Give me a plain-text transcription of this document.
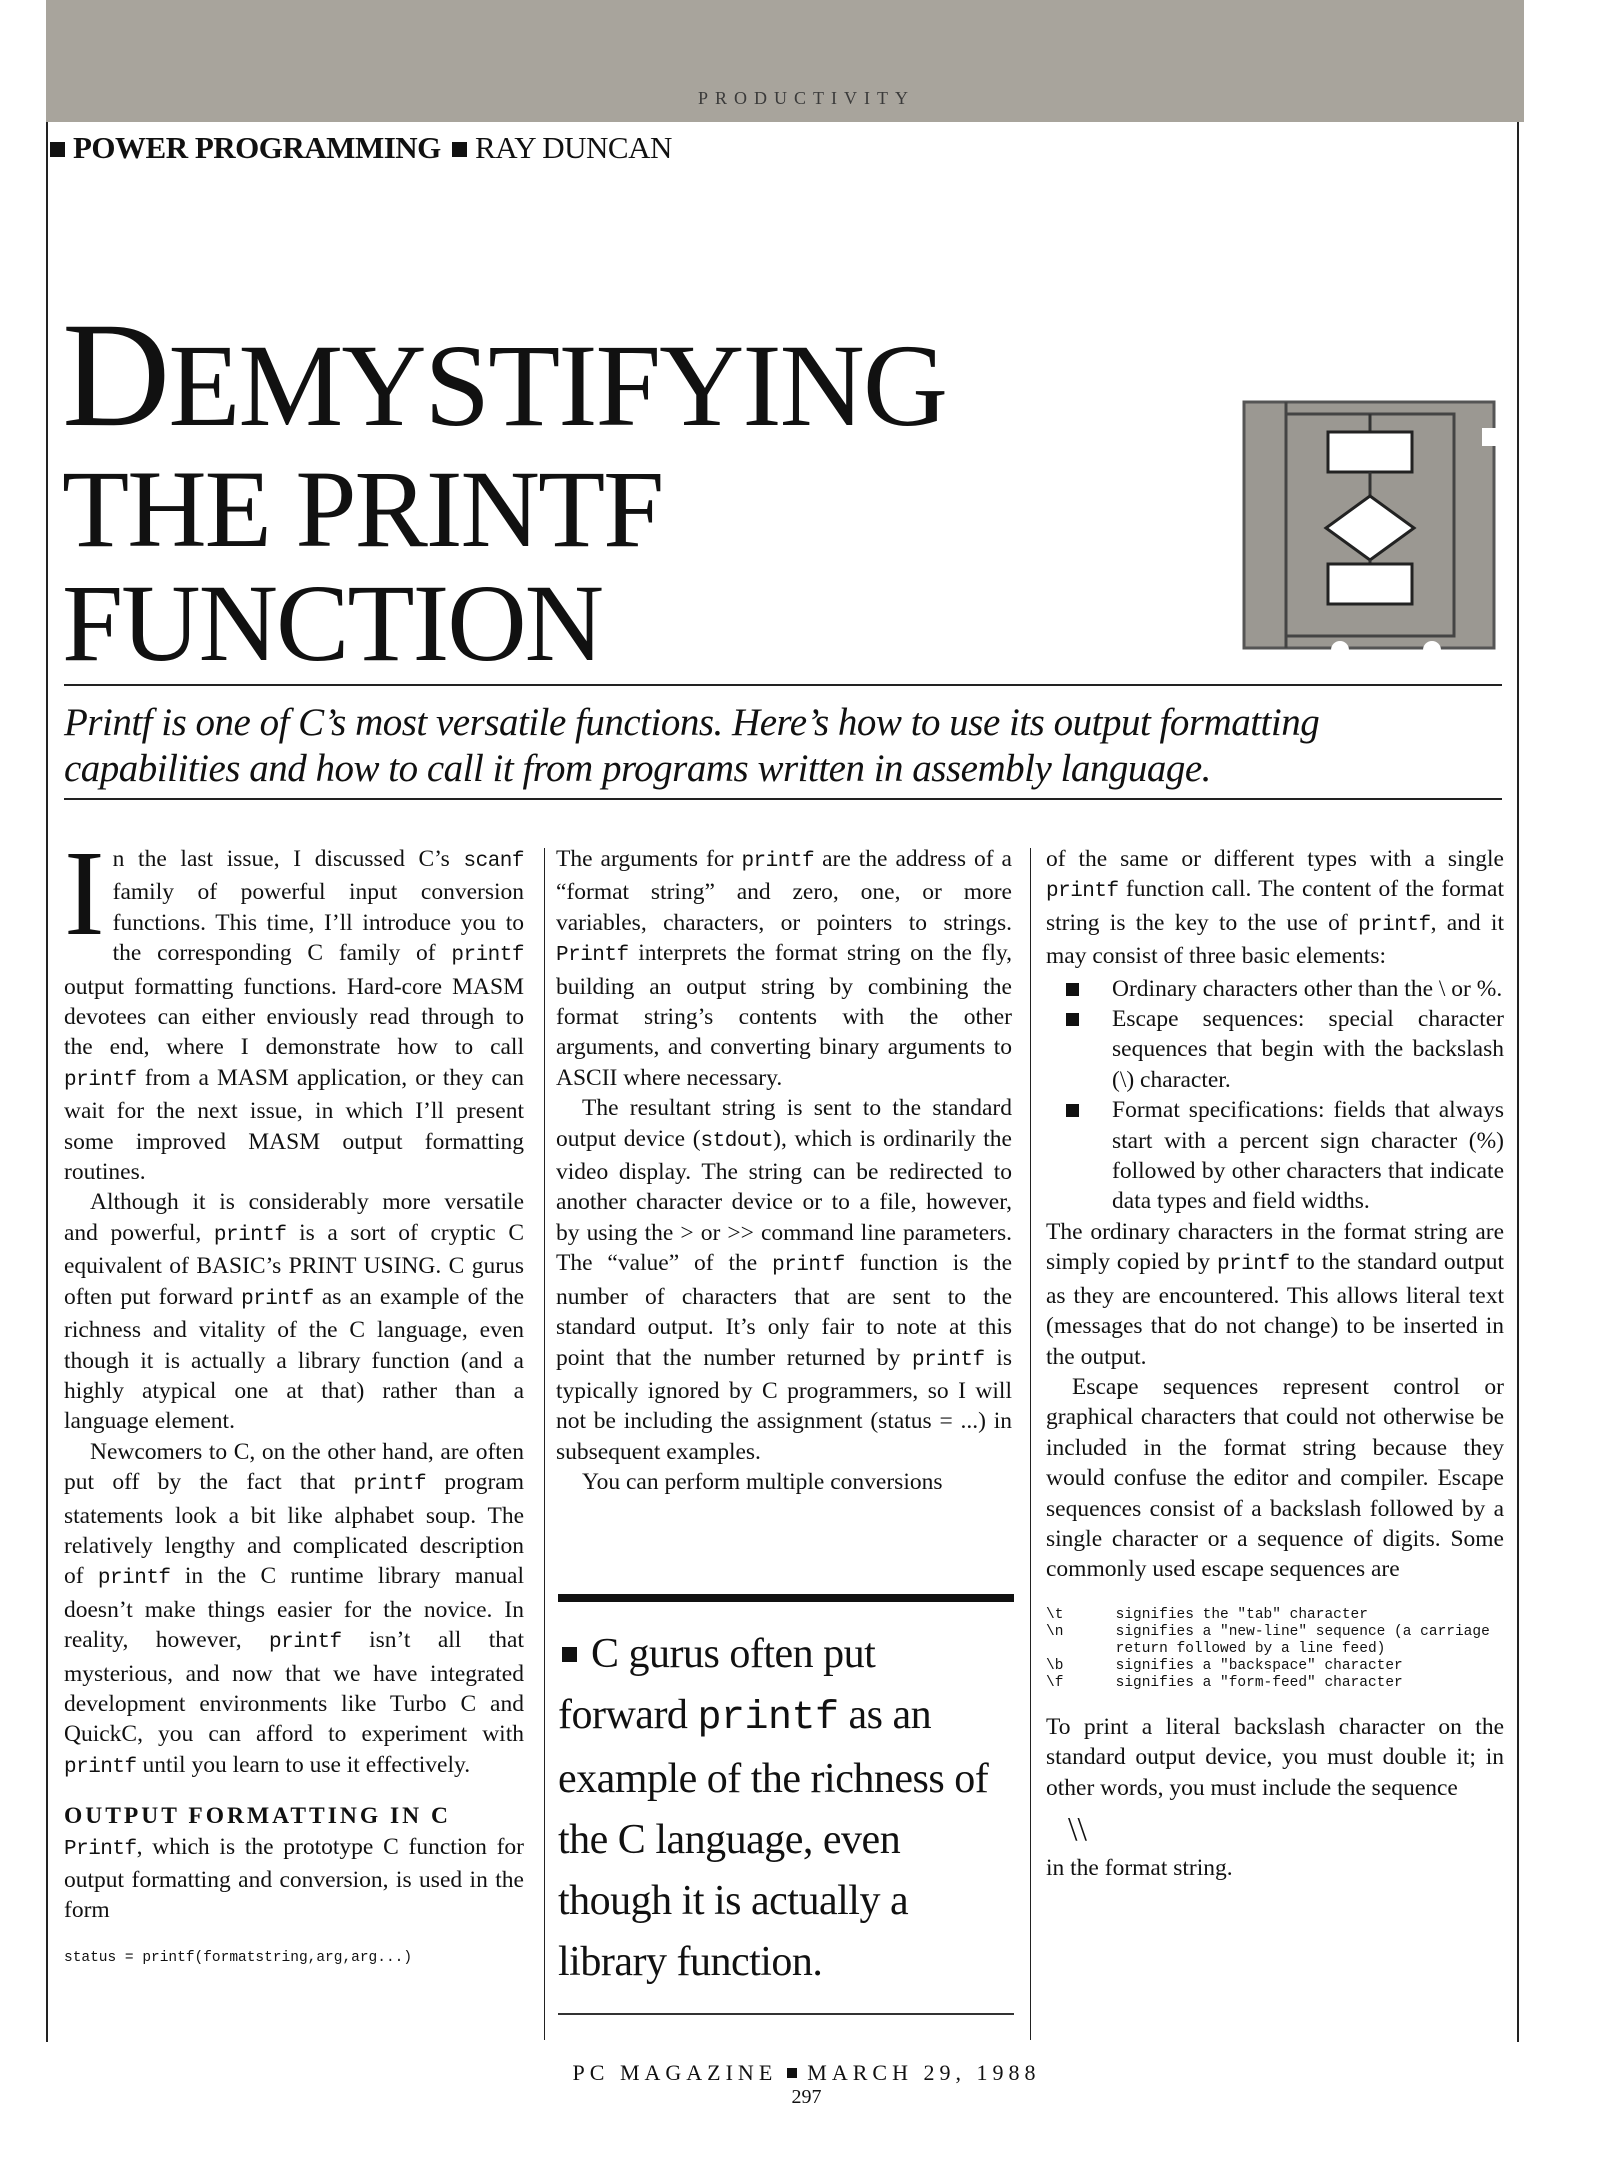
PRODUCTIVITY
POWER PROGRAMMING RAY DUNCAN
DEMYSTIFYING
THE PRINTF
FUNCTION
Printf is one of C’s most versatile functions. Here’s how to use its output formatting capabilities and how to call it from programs written in assembly language.

In the last issue, I discussed C’s scanf family of powerful input conversion functions. This time, I’ll introduce you to the corresponding C family of printf output formatting functions. Hard-core MASM devotees can either enviously read through to the end, where I demonstrate how to call printf from a MASM application, or they can wait for the next issue, in which I’ll present some improved MASM output formatting routines.

Although it is considerably more versatile and powerful, printf is a sort of cryptic C equivalent of BASIC’s PRINT USING. C gurus often put forward printf as an example of the richness and vitality of the C language, even though it is actually a library function (and a highly atypical one at that) rather than a language element.

Newcomers to C, on the other hand, are often put off by the fact that printf program statements look a bit like alphabet soup. The relatively lengthy and complicated description of printf in the C runtime library manual doesn’t make things easier for the novice. In reality, however, printf isn’t all that mysterious, and now that we have integrated development environments like Turbo C and QuickC, you can afford to experiment with printf until you learn to use it effectively.

OUTPUT FORMATTING IN C

Printf, which is the prototype C function for output formatting and conversion, is used in the form

status = printf(formatstring,arg,arg...)

The arguments for printf are the address of a “format string” and zero, one, or more variables, characters, or pointers to strings. Printf interprets the format string on the fly, building an output string by combining the format string’s contents with the other arguments, and converting binary arguments to ASCII where necessary.

The resultant string is sent to the standard output device (stdout), which is ordinarily the video display. The string can be redirected to another character device or to a file, however, by using the > or >> command line parameters. The “value” of the printf function is the number of characters that are sent to the standard output. It’s only fair to note at this point that the number returned by printf is typically ignored by C programmers, so I will not be including the assignment (status = ...) in subsequent examples.

You can perform multiple conversions

C gurus often put forward printf as an example of the richness of the C language, even though it is actually a library function.

of the same or different types with a single printf function call. The content of the format string is the key to the use of printf, and it may consist of three basic elements:

Ordinary characters other than the \ or %.
Escape sequences: special character sequences that begin with the backslash (\) character.
Format specifications: fields that always start with a percent sign character (%) followed by other characters that indicate data types and field widths.

The ordinary characters in the format string are simply copied by printf to the standard output as they are encountered. This allows literal text (messages that do not change) to be inserted in the output.

Escape sequences represent control or graphical characters that could not otherwise be included in the format string because they would confuse the editor and compiler. Escape sequences consist of a backslash followed by a single character or a sequence of digits. Some commonly used escape sequences are

\t      signifies the "tab" character
\n      signifies a "new-line" sequence (a carriage
return followed by a line feed)
\b      signifies a "backspace" character
\f      signifies a "form-feed" character

To print a literal backslash character on the standard output device, you must double it; in other words, you must include the sequence

\\

in the format string.

PC MAGAZINE MARCH 29, 1988
297
